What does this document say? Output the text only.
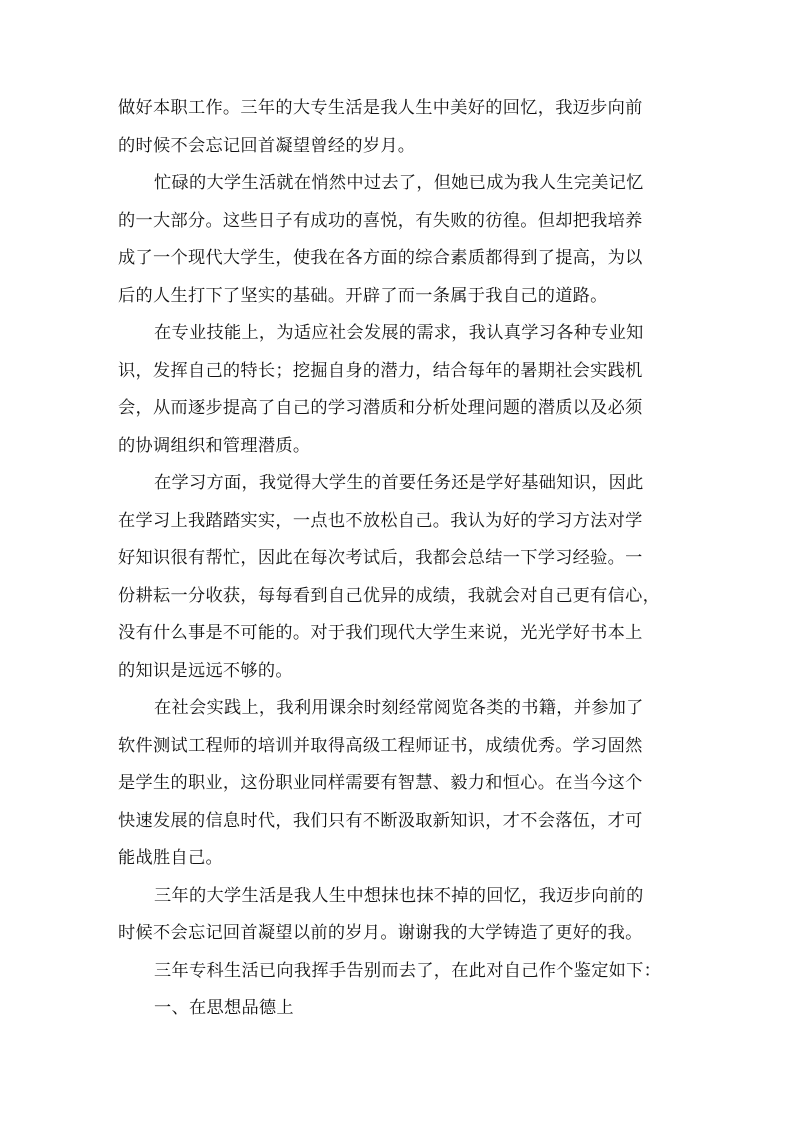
做好本职工作。三年的大专生活是我人生中美好的回忆，我迈步向前
的时候不会忘记回首凝望曾经的岁月。
忙碌的大学生活就在悄然中过去了，但她已成为我人生完美记忆
的一大部分。这些日子有成功的喜悦，有失败的彷徨。但却把我培养
成了一个现代大学生，使我在各方面的综合素质都得到了提高，为以
后的人生打下了坚实的基础。开辟了而一条属于我自己的道路。
在专业技能上，为适应社会发展的需求，我认真学习各种专业知
识，发挥自己的特长；挖掘自身的潜力，结合每年的暑期社会实践机
会，从而逐步提高了自己的学习潜质和分析处理问题的潜质以及必须
的协调组织和管理潜质。
在学习方面，我觉得大学生的首要任务还是学好基础知识，因此
在学习上我踏踏实实，一点也不放松自己。我认为好的学习方法对学
好知识很有帮忙，因此在每次考试后，我都会总结一下学习经验。一
份耕耘一分收获，每每看到自己优异的成绩，我就会对自己更有信心，
没有什么事是不可能的。对于我们现代大学生来说，光光学好书本上
的知识是远远不够的。
在社会实践上，我利用课余时刻经常阅览各类的书籍，并参加了
软件测试工程师的培训并取得高级工程师证书，成绩优秀。学习固然
是学生的职业，这份职业同样需要有智慧、毅力和恒心。在当今这个
快速发展的信息时代，我们只有不断汲取新知识，才不会落伍，才可
能战胜自己。
三年的大学生活是我人生中想抹也抹不掉的回忆，我迈步向前的
时候不会忘记回首凝望以前的岁月。谢谢我的大学铸造了更好的我。
三年专科生活已向我挥手告别而去了，在此对自己作个鉴定如下：
一、在思想品德上
